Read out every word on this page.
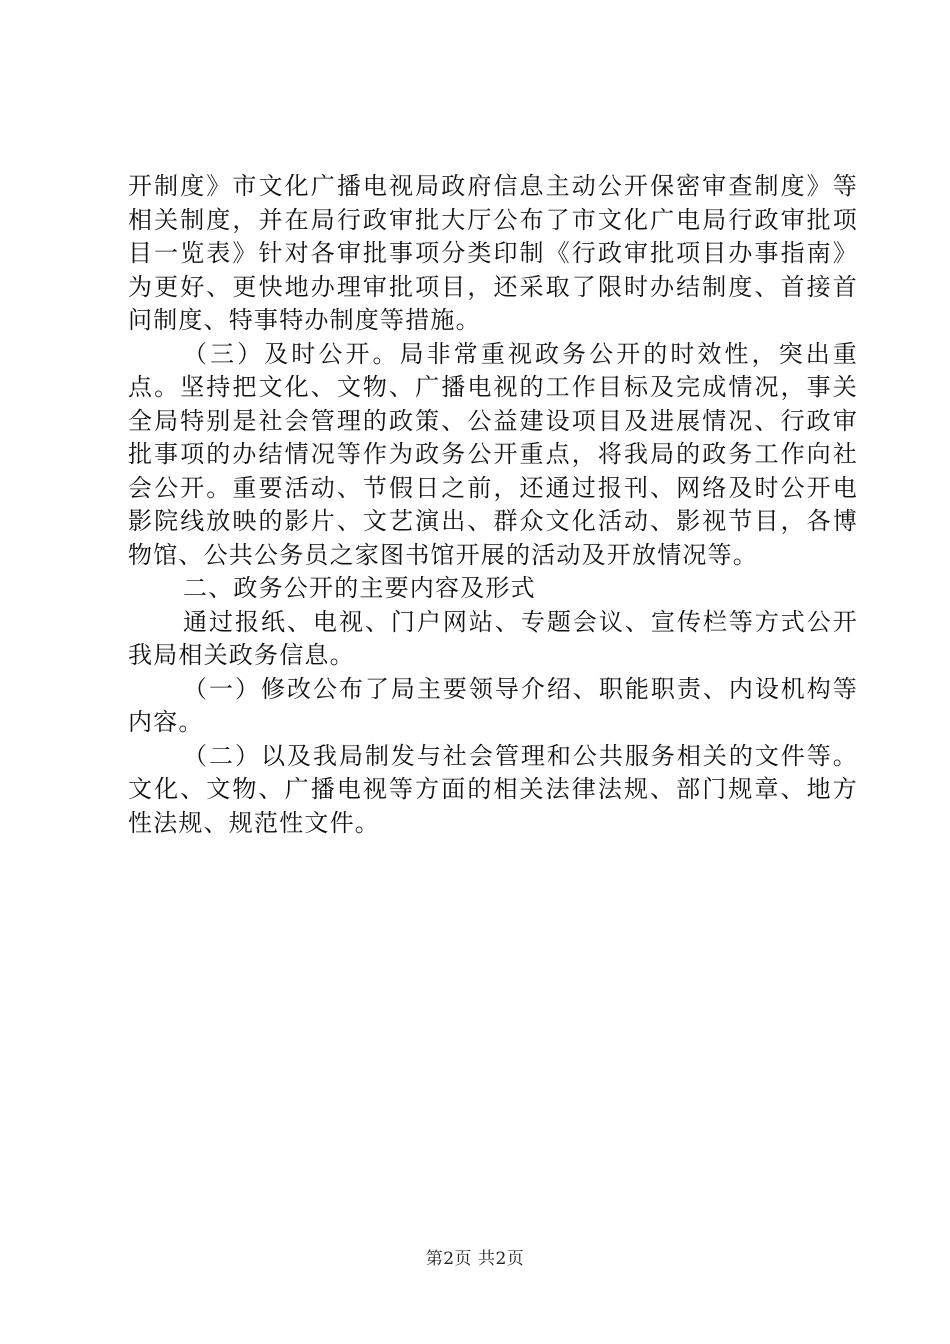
开制度》市文化广播电视局政府信息主动公开保密审查制度》等相关制度，并在局行政审批大厅公布了市文化广电局行政审批项目一览表》针对各审批事项分类印制《行政审批项目办事指南》为更好、更快地办理审批项目，还采取了限时办结制度、首接首问制度、特事特办制度等措施。

（三）及时公开。局非常重视政务公开的时效性，突出重点。坚持把文化、文物、广播电视的工作目标及完成情况，事关全局特别是社会管理的政策、公益建设项目及进展情况、行政审批事项的办结情况等作为政务公开重点，将我局的政务工作向社会公开。重要活动、节假日之前，还通过报刊、网络及时公开电影院线放映的影片、文艺演出、群众文化活动、影视节目，各博物馆、公共公务员之家图书馆开展的活动及开放情况等。

二、政务公开的主要内容及形式

通过报纸、电视、门户网站、专题会议、宣传栏等方式公开我局相关政务信息。

（一）修改公布了局主要领导介绍、职能职责、内设机构等内容。

（二）以及我局制发与社会管理和公共服务相关的文件等。文化、文物、广播电视等方面的相关法律法规、部门规章、地方性法规、规范性文件。

第2页 共2页
